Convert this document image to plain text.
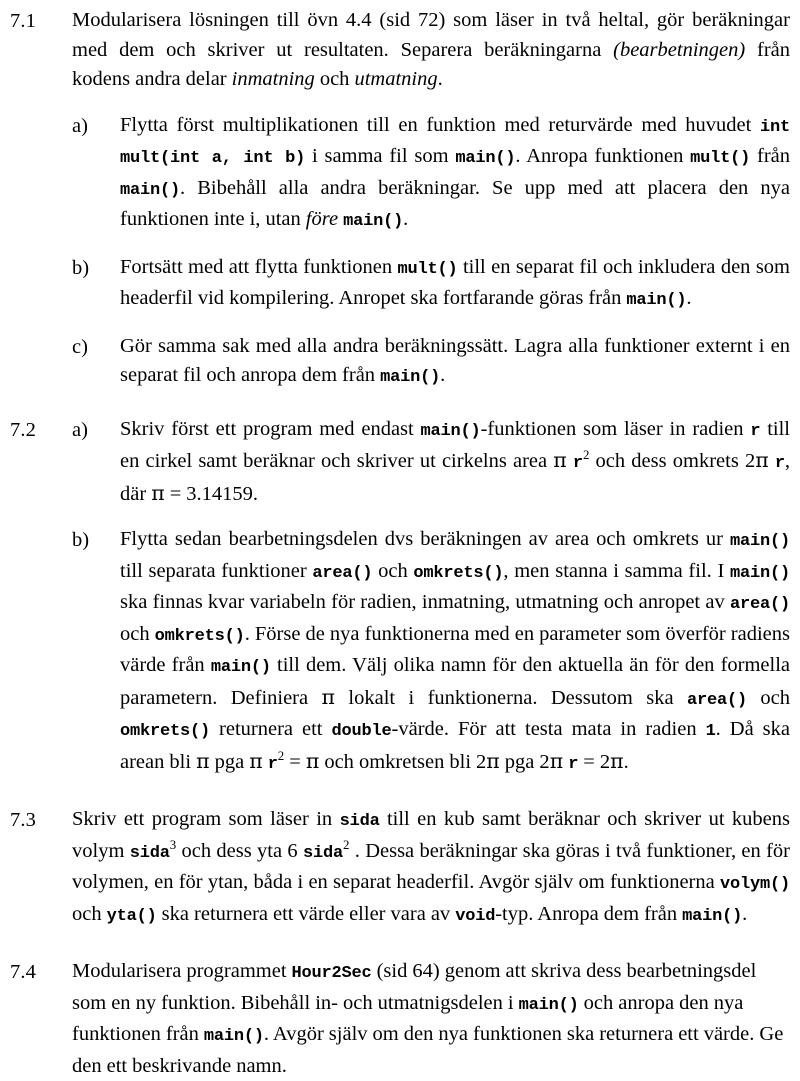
7.1	Modularisera lösningen till övn 4.4 (sid 72) som läser in två heltal, gör beräkningar med dem och skriver ut resultaten. Separera beräkningarna (bearbetningen) från kodens andra delar inmatning och utmatning.

a)	Flytta först multiplikationen till en funktion med returvärde med huvudet int mult(int a, int b) i samma fil som main(). Anropa funktionen mult() från main(). Bibehåll alla andra beräkningar. Se upp med att placera den nya funktionen inte i, utan före main().

b)	Fortsätt med att flytta funktionen mult() till en separat fil och inkludera den som headerfil vid kompilering. Anropet ska fortfarande göras från main().

c)	Gör samma sak med alla andra beräkningssätt. Lagra alla funktioner externt i en separat fil och anropa dem från main().

7.2	a)	Skriv först ett program med endast main()-funktionen som läser in radien r till en cirkel samt beräknar och skriver ut cirkelns area π $r^2$ och dess omkrets 2π r, där π = 3.14159.

b)	Flytta sedan bearbetningsdelen dvs beräkningen av area och omkrets ur main() till separata funktioner area() och omkrets(), men stanna i samma fil. I main() ska finnas kvar variabeln för radien, inmatning, utmatning och anropet av area() och omkrets(). Förse de nya funktionerna med en parameter som överför radiens värde från main() till dem. Välj olika namn för den aktuella än för den formella parametern. Definiera π lokalt i funktionerna. Dessutom ska area() och omkrets() returnera ett double-värde. För att testa mata in radien 1. Då ska arean bli π pga π $r^2 = \pi$ och omkretsen bli 2π pga 2π r = 2π.

7.3	Skriv ett program som läser in sida till en kub samt beräknar och skriver ut kubens volym sida$^3$ och dess yta 6 sida$^2$ . Dessa beräkningar ska göras i två funktioner, en för volymen, en för ytan, båda i en separat headerfil. Avgör själv om funktionerna volym() och yta() ska returnera ett värde eller vara av void-typ. Anropa dem från main().

7.4	Modularisera programmet Hour2Sec (sid 64) genom att skriva dess bearbetningsdel som en ny funktion. Bibehåll in- och utmatnigsdelen i main() och anropa den nya funktionen från main(). Avgör själv om den nya funktionen ska returnera ett värde. Ge den ett beskrivande namn.
